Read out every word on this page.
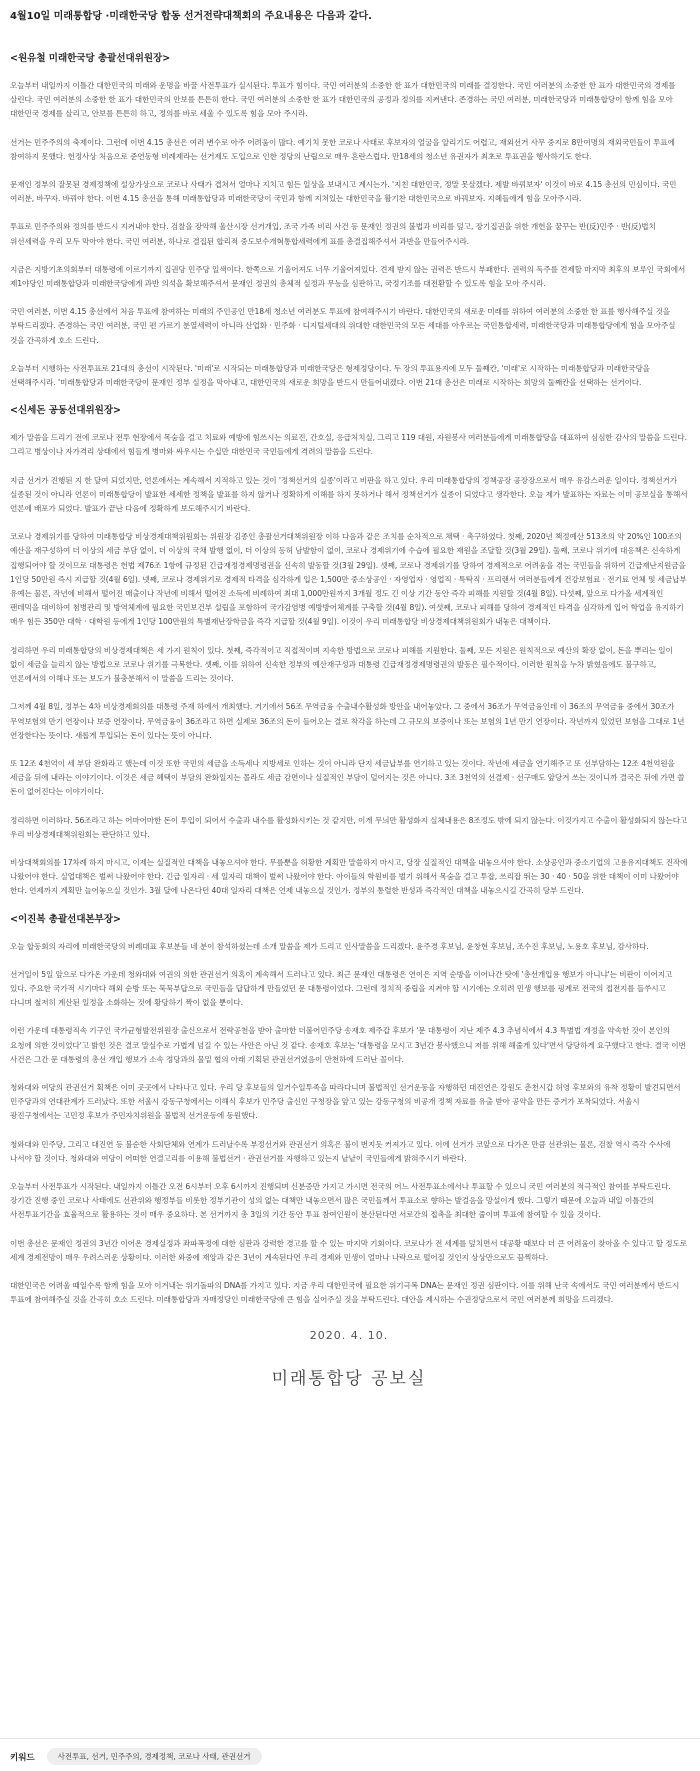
4월10일 미래통합당 ·미래한국당 합동 선거전략대책회의 주요내용은 다음과 같다.

<원유철 미래한국당 총괄선대위원장>

오늘부터 내일까지 이틀간 대한민국의 미래와 운명을 바꿀 사전투표가 실시된다. 투표가 힘이다. 국민 여러분의 소중한 한 표가 대한민국의 미래를 결정한다. 국민 여러분의 소중한 한 표가 대한민국의 경제를 살린다. 국민 여러분의 소중한 한 표가 대한민국의 안보를 튼튼히 한다. 국민 여러분의 소중한 한 표가 대한민국의 공정과 정의를 지켜낸다. 존경하는 국민 여러분, 미래한국당과 미래통합당이 함께 힘을 모아 대한민국 경제를 살리고, 안보를 튼튼히 하고, 정의를 바로 세울 수 있도록 힘을 모아 주시라.

선거는 민주주의의 축제이다. 그런데 이번 4.15 총선은 여러 변수로 아주 어려움이 많다. 예기치 못한 코로나 사태로 후보자의 얼굴을 알리기도 어렵고, 재외선거 사무 중지로 8만여명의 재외국민들이 투표에 참여하지 못했다. 헌정사상 처음으로 준연동형 비례제라는 선거제도 도입으로 인한 정당의 난립으로 매우 혼란스럽다. 만18세의 청소년 유권자가 최초로 투표권을 행사하기도 한다.

문재인 정부의 잘못된 경제정책에 설상가상으로 코로나 사태가 겹쳐서 얼마나 지치고 힘든 일상을 보내시고 계시는가. '지친 대한민국, 정말 못살겠다. 제발 바꿔보자' 이것이 바로 4.15 총선의 민심이다. 국민 여러분, 바꾸자. 바꿔야 한다. 이번 4.15 총선을 통해 미래통합당과 미래한국당이 국민과 함께 지쳐있는 대한민국을 활기찬 대한민국으로 바꿔보자. 지혜들에게 힘을 모아주시라.

투표로 민주주의와 정의를 반드시 지켜내야 한다. 검찰을 장악해 울산시장 선거개입, 조국 가족 비리 사건 등 문재인 정권의 불법과 비리를 덮고, 장기집권을 위한 개헌을 꿈꾸는 반(反)민주 · 반(反)법치 위선세력을 우리 모두 막아야 한다. 국민 여러분, 하나로 결집된 합리적 중도보수개혁통합세력에게 표를 총결집해주셔서 과반을 만들어주시라.

지금은 지방기초의회부터 대통령에 이르기까지 집권당 민주당 일색이다. 한쪽으로 기울어져도 너무 기울어져있다. 견제 받지 않는 권력은 반드시 부패한다. 권력의 독주를 견제할 마지막 최후의 보루인 국회에서 제1야당인 미래통합당과 미래한국당에게 과반 의석을 확보해주셔서 문재인 정권의 총체적 실정과 무능을 심판하고, 국정기조를 대전환할 수 있도록 힘을 모아 주시라.

국민 여러분, 이번 4.15 총선에서 처음 투표에 참여하는 미래의 주인공인 만18세 청소년 여러분도 투표에 참여해주시기 바란다. 대한민국의 새로운 미래를 위하여 여러분의 소중한 한 표를 행사해주실 것을 부탁드리겠다. 존경하는 국민 여러분, 국민 편 가르기 분열세력이 아니라 산업화 · 민주화 · 디지털세대의 위대한 대한민국의 모든 세대를 아우르는 국민통합세력, 미래한국당과 미래통합당에게 힘을 모아주실 것을 간곡하게 호소 드린다.

오늘부터 시행하는 사전투표로 21대의 총선이 시작된다. '미래'로 시작되는 미래통합당과 미래한국당은 형제정당이다. 두 장의 투표용지에 모두 둘째칸, '미래'로 시작하는 미래통합당과 미래한국당을 선택해주시라. '미래통합당과 미래한국당이 문재인 정부 실정을 막아내고, 대한민국의 새로운 희망을 반드시 만들어내겠다. 이번 21대 총선은 미래로 시작하는 희망의 둘째칸을 선택하는 선거이다.

<신세돈 공동선대위원장>

제가 말씀을 드리기 전에 코로나 전투 현장에서 목숨을 걸고 치료와 예방에 힘쓰시는 의료진, 간호실, 응급처치실, 그리고 119 대원, 자원봉사 여러분들에게 미래통합당을 대표하여 심심한 감사의 말씀을 드린다. 그리고 병상이나 자가격리 상태에서 힘들게 병마와 싸우시는 수십만 대한민국 국민들에게 격려의 말씀을 드린다.

지금 선거가 진행된 지 한 달여 되었지만, 언론에서는 계속해서 지적하고 있는 것이 '정책선거의 실종'이라고 비판을 하고 있다. 우리 미래통합당의 정책공장 공장장으로서 매우 유감스러운 일이다. 정책선거가 실종된 것이 아니라 언론이 미래통합당이 발표한 세세한 정책을 발표를 하지 않거나 정확하게 이해를 하지 못하거나 해서 정책선거가 실종이 되었다고 생각한다. 오늘 제가 발표하는 자료는 이미 공보실을 통해서 언론에 배포가 되었다. 발표가 끝난 다음에 정확하게 보도해주시기 바란다.

코로나 경제위기를 당하여 미래통합당 비상경제대책위원회는 위원장 김종인 총괄선거대책위원장 이하 다음과 같은 조치를 순차적으로 채택 · 촉구하였다. 첫째, 2020년 책정예산 513조의 약 20%인 100조의 예산을 재구성하여 더 이상의 세금 부담 없이, 더 이상의 국채 발행 없이, 더 이상의 등허 남발함이 없이, 코로나 경제위기에 수습에 필요한 재원을 조달할 것(3월 29일). 둘째, 코로나 위기에 대응책은 신속하게 집행되어야 할 것이므로 대통령은 헌법 제76조 1항에 규정된 긴급재정경제명령권을 신속히 발동할 것(3월 29일). 셋째, 코로나 경제위기를 당하여 경제적으로 어려움을 겪는 국민들을 위하여 긴급재난지원금을 1인당 50만원 즉시 지급할 것(4월 6일). 넷째, 코로나 경제위기로 경제적 타격을 심각하게 입은 1,500만 중소상공인 · 자영업자 · 영업직 · 특탁직 · 프리랜서 여러분들에게 건강보험료 · 전기료 연체 및 세금납부 유예는 물론, 작년에 비해서 떨어진 매출이나 작년에 비해서 떨어진 소득에 비례하여 최대 1,000만원까지 3개월 정도 긴 이상 기간 동안 즉각 피해를 지원할 것(4월 8일). 다섯째, 앞으로 다가올 세계적인 팬데믹을 대비하여 첨병관리 및 방역체계에 필요한 국민보건부 설립을 포함하여 국가감염병 예방방어체계를 구축할 것(4월 8일). 여섯째, 코로나 피해를 당하여 경제적인 타격을 심각하게 입어 학업을 유지하기 매우 힘든 350만 대학 · 대학원 등에게 1인당 100만원의 특별재난장학금을 즉각 지급할 것(4월 9일). 이것이 우리 미래통합당 비상경제대책위원회가 내놓은 대책이다.

정리하면 우리 미래통합당의 비상경제대책은 세 가지 원칙이 있다. 첫째, 즉각적이고 직접적이며 지속한 방법으로 코로나 피해를 지원한다. 둘째, 모든 지원은 원칙적으로 예산의 확장 없이, 돈을 뿌리는 일이 없이 세금을 늘리지 않는 방법으로 코로나 위기를 극복한다. 셋째, 이를 위하여 신속한 정부의 예산재구성과 대통령 긴급재정경제명령권의 발동은 필수적이다. 이러한 원칙을 누차 밝혔음에도 불구하고, 언론에서의 이해나 또는 보도가 불충분해서 이 말씀을 드리는 것이다.

그저께 4월 8일, 정부는 4차 비상경제회의를 대통령 주재 하에서 개최했다. 거기에서 56조 무역금융 수출내수활성화 방안을 내어놓았다. 그 중에서 36조가 무역금융인데 이 36조의 무역금융 중에서 30조가 무역보험의 만기 연장이나 보증 연장이다. 무역금융이 36조라고 하면 실제로 36조의 돈이 들어오는 결로 착각을 하는데 그 규모의 보증이나 또는 보험의 1년 만기 연장이다. 작년까지 있었던 보험을 그대로 1년 연장한다는 뜻이다. 새롭게 투입되는 돈이 있다는 뜻이 아니다.

또 12조 4천억이 세 부담 완화라고 했는데 이것 또한 국민의 세금을 소득세나 지방세로 인하는 것이 아니라 단지 세금납부를 연기하고 있는 것이다. 작년에 세금을 연기해주고 또 선부담하는 12조 4천억원을 세금을 뒤에 내라는 이야기이다. 이것은 세금 혜택이 부담의 완화일지는 몰라도 세금 감면이나 실질적인 부담이 덜어지는 것은 아니다. 3조 3천억의 선결제 · 선구매도 앞당겨 쓰는 것이니까 결국은 뒤에 가면 쓸 돈이 없어진다는 이야기이다.

정리하면 이러하다. 56조라고 하는 어마어마한 돈이 투입이 되어서 수출과 내수를 활성화시키는 것 같지만, 이게 무늬만 활성화지 실체내용은 8조정도 밖에 되지 않는다. 이것가지고 수출이 활성화되지 않는다고 우리 비상경제대책위원회는 판단하고 있다.

비상대책회의를 17차례 하지 마시고, 이제는 실질적인 대책을 내놓으셔야 한다. 무릎뿐을 허황한 계획만 말씀하지 마시고, 당장 실질적인 대책을 내놓으셔야 한다. 소상공인과 중소기업의 고용유지대책도 진작에 나왔어야 한다. 실업대책은 벌써 나왔어야 한다. 긴급 일자리 · 세 일자리 대책이 벌써 나왔어야 한다. 아이들의 학원비를 벌기 위해서 목숨을 걸고 투잡, 쓰리잡 뛰는 30 · 40 · 50을 위한 대책이 이미 나왔어야 한다. 언제까지 계획만 늘어놓으실 것인가. 3월 달에 나온다던 40대 일자리 대책은 언제 내놓으실 것인가. 정부의 통렬한 반성과 즉각적인 대책을 내놓으시길 간곡히 당부 드린다.

<이진복 총괄선대본부장>

오늘 합동회의 자리에 미래한국당의 비례대표 후보분들 네 분이 참석하셨는데 소개 말씀을 제가 드리고 인사말씀을 드리겠다. 윤주경 후보님, 윤창현 후보님, 조수진 후보님, 노용호 후보님, 감사하다.

선거일이 5일 앞으로 다가온 가운데 청와대와 여권의 의한 관권선거 의혹이 계속해서 드러나고 있다. 최근 문재인 대통령은 연이은 지역 순방을 이어나간 탓에 '총선개입용 행보가 아니냐'는 비판이 이어지고 있다. 주요한 국가적 시기마다 해외 순방 또는 묵묵부답으로 국민들을 답답하게 만들었던 문 대통령이었다. 그런데 정치적 중립을 지켜야 할 시기에는 오히려 민생 행보를 핑계로 전국의 접전지를 들쑤시고 다니며 철저히 계산된 일정을 소화하는 것에 황당하기 짝이 없을 뿐이다.

이런 가운데 대통령직속 기구인 국가균형발전위원장 출신으로서 전략공천을 받아 출마한 더불어민주당 송재호 제주갑 후보가 '문 대통령이 지난 제주 4.3 추념식에서 4.3 특별법 개정을 약속한 것이 본인의 요청에 의한 것이었다'고 밝힌 것은 결코 말실수로 가볍게 넘길 수 있는 사안은 아닌 것 같다. 송재호 후보는 '대통령을 모시고 3년간 봉사했으니 저를 위해 해줄게 있다'면서 당당하게 요구했다고 한다. 결국 이번 사건은 그간 문 대통령의 총선 개입 행보가 소속 정당과의 물밑 협의 아래 기획된 관권선거였음이 만천하에 드러난 꼴이다.

청와대와 여당의 관권선거 획책은 이미 곳곳에서 나타나고 있다. 우리 당 후보들의 일거수일투족을 따라다니며 불법적인 선거운동을 자행하던 대진연은 강원도 춘천시갑 허영 후보와의 유착 정황이 발견되면서 민주당과의 연대관계가 드러났다. 또한 서울시 강동구청에서는 이해식 후보가 민주당 출신인 구청장을 앞고 있는 강동구청의 비공개 정책 자료를 유출 받아 공약을 만든 증거가 포착되었다. 서울시 광진구청에서는 고민정 후보가 주민자치위원을 불법적 선거운동에 동원했다.

청와대와 민주당, 그리고 대진연 등 불순한 사회단체와 연계가 드러날수록 부정선거와 관권선거 의혹은 불이 번지듯 커져가고 있다. 이에 선거가 코앞으로 다가온 만큼 선관위는 물론, 검찰 역시 즉각 수사에 나서야 할 것이다. 청와대와 여당이 어떠한 연결고리를 이용해 불법선거 · 관권선거를 자행하고 있는지 낱낱이 국민들에게 밝혀주시기 바란다.

오늘부터 사전투표가 시작된다. 내일까지 이틀간 오전 6시부터 오후 6시까지 진행되며 신분증만 가지고 가시면 전국의 어느 사전투표소에서나 투표할 수 있으니 국민 여러분의 적극적인 참여를 부탁드린다. 장기간 진행 중인 코로나 사태에도 선관위와 행정부들 비롯한 정부기관이 성의 없는 대책만 내놓으면서 많은 국민들께서 투표소로 향하는 발걸음을 망설이게 했다. 그렇기 때문에 오늘과 내일 이틀간의 사전투표기간을 효율적으로 활용하는 것이 매우 중요하다. 본 선거까지 총 3일의 기간 동안 투표 참여인원이 분산된다면 서로간의 접촉을 최대한 줄이며 투표에 참여할 수 있을 것이다.

이번 총선은 문재인 정권의 3년간 이어온 경제실정과 좌파폭정에 대한 심판과 강력한 경고를 할 수 있는 마지막 기회이다. 코로나가 전 세계를 덮치면서 대공황 때보다 더 큰 어려움이 찾아올 수 있다고 할 정도로 세계 경제전망이 매우 우려스러운 상황이다. 이러한 와중에 재앙과 같은 3년이 계속된다면 우리 경제와 민생이 얼마나 나락으로 떨어질 것인지 상상만으로도 끔찍하다.

대한민국은 어려울 때일수록 함께 힘을 모아 이겨내는 위기돌파의 DNA를 가지고 있다. 지금 우리 대한민국에 필요한 위기극복 DNA는 문재인 정권 심판이다. 이를 위해 난국 속에서도 국민 여러분께서 반드시 투표에 참여해주실 것을 간곡히 호소 드린다. 미래통합당과 자매정당인 미래한국당에 큰 힘을 실어주실 것을 부탁드린다. 대안을 제시하는 수권정당으로서 국민 여러분께 희망을 드리겠다.

2020. 4. 10.
미래통합당 공보실
키워드	사전투표, 선거, 민주주의, 경제정책, 코로나 사태, 관권선거
